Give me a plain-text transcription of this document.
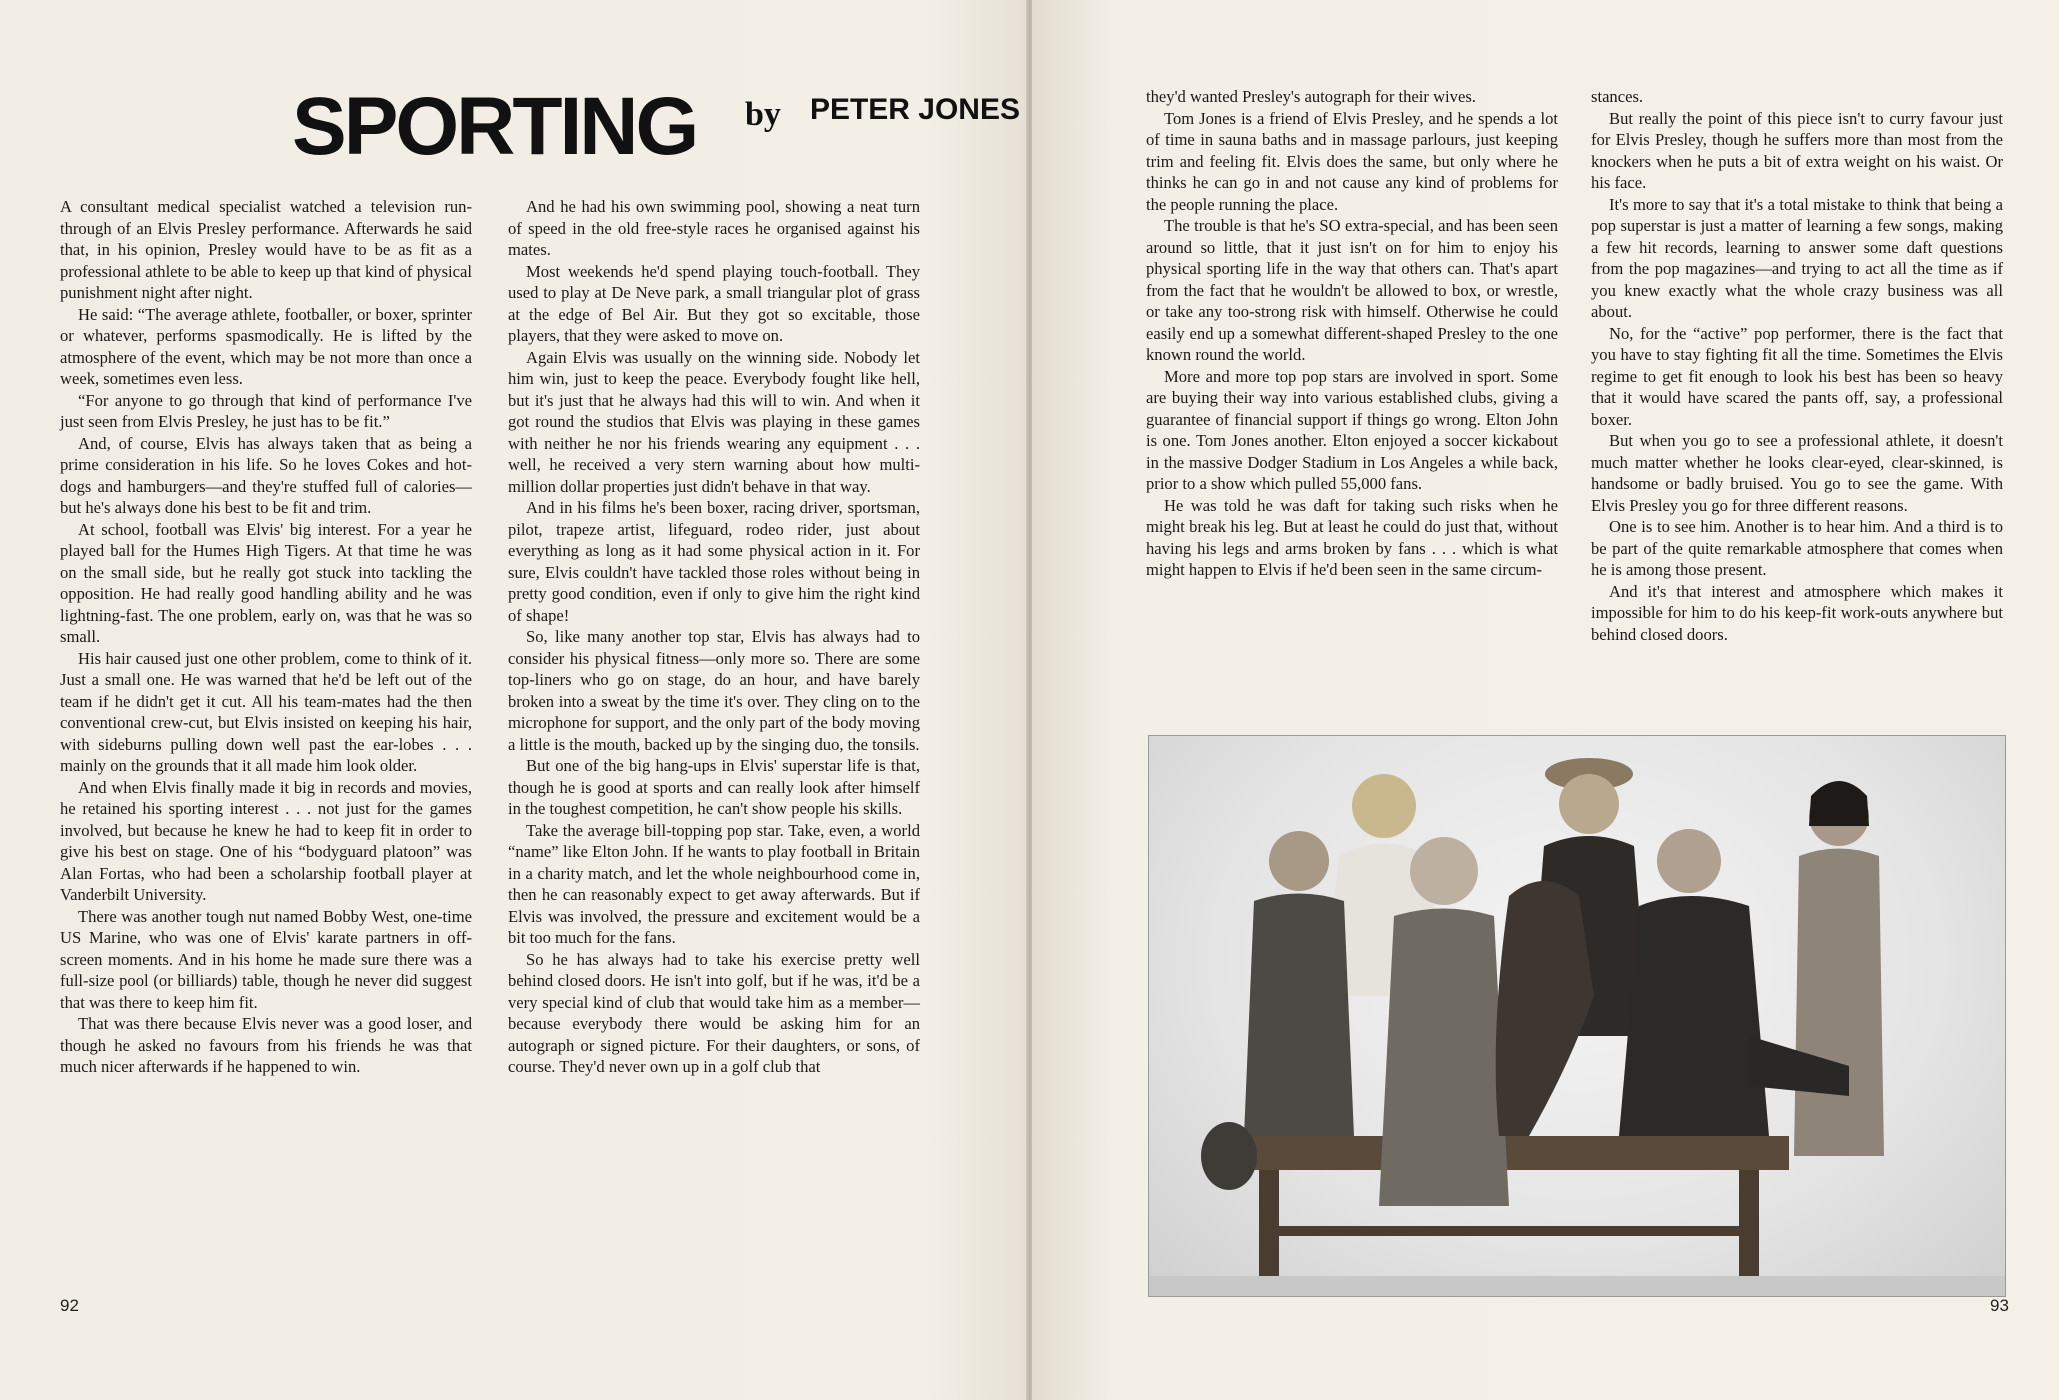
SPORTING by PETER JONES

A consultant medical specialist watched a television run-through of an Elvis Presley performance. Afterwards he said that, in his opinion, Presley would have to be as fit as a professional athlete to be able to keep up that kind of physical punishment night after night.

He said: “The average athlete, footballer, or boxer, sprinter or whatever, performs spasmodically. He is lifted by the atmosphere of the event, which may be not more than once a week, sometimes even less.

“For anyone to go through that kind of performance I've just seen from Elvis Presley, he just has to be fit.”

And, of course, Elvis has always taken that as being a prime consideration in his life. So he loves Cokes and hot-dogs and hamburgers—and they're stuffed full of calories—but he's always done his best to be fit and trim.

At school, football was Elvis' big interest. For a year he played ball for the Humes High Tigers. At that time he was on the small side, but he really got stuck into tackling the opposition. He had really good handling ability and he was lightning-fast. The one problem, early on, was that he was so small.

His hair caused just one other problem, come to think of it. Just a small one. He was warned that he'd be left out of the team if he didn't get it cut. All his team-mates had the then conventional crew-cut, but Elvis insisted on keeping his hair, with sideburns pulling down well past the ear-lobes . . . mainly on the grounds that it all made him look older.

And when Elvis finally made it big in records and movies, he retained his sporting interest . . . not just for the games involved, but because he knew he had to keep fit in order to give his best on stage. One of his “bodyguard platoon” was Alan Fortas, who had been a scholarship football player at Vanderbilt University.

There was another tough nut named Bobby West, one-time US Marine, who was one of Elvis' karate partners in off-screen moments. And in his home he made sure there was a full-size pool (or billiards) table, though he never did suggest that was there to keep him fit.

That was there because Elvis never was a good loser, and though he asked no favours from his friends he was that much nicer afterwards if he happened to win.

And he had his own swimming pool, showing a neat turn of speed in the old free-style races he organised against his mates.

Most weekends he'd spend playing touch-football. They used to play at De Neve park, a small triangular plot of grass at the edge of Bel Air. But they got so excitable, those players, that they were asked to move on.

Again Elvis was usually on the winning side. Nobody let him win, just to keep the peace. Everybody fought like hell, but it's just that he always had this will to win. And when it got round the studios that Elvis was playing in these games with neither he nor his friends wearing any equipment . . . well, he received a very stern warning about how multi-million dollar properties just didn't behave in that way.

And in his films he's been boxer, racing driver, sportsman, pilot, trapeze artist, lifeguard, rodeo rider, just about everything as long as it had some physical action in it. For sure, Elvis couldn't have tackled those roles without being in pretty good condition, even if only to give him the right kind of shape!

So, like many another top star, Elvis has always had to consider his physical fitness—only more so. There are some top-liners who go on stage, do an hour, and have barely broken into a sweat by the time it's over. They cling on to the microphone for support, and the only part of the body moving a little is the mouth, backed up by the singing duo, the tonsils.

But one of the big hang-ups in Elvis' superstar life is that, though he is good at sports and can really look after himself in the toughest competition, he can't show people his skills.

Take the average bill-topping pop star. Take, even, a world “name” like Elton John. If he wants to play football in Britain in a charity match, and let the whole neighbourhood come in, then he can reasonably expect to get away afterwards. But if Elvis was involved, the pressure and excitement would be a bit too much for the fans.

So he has always had to take his exercise pretty well behind closed doors. He isn't into golf, but if he was, it'd be a very special kind of club that would take him as a member—because everybody there would be asking him for an autograph or signed picture. For their daughters, or sons, of course. They'd never own up in a golf club that

92

they'd wanted Presley's autograph for their wives.

Tom Jones is a friend of Elvis Presley, and he spends a lot of time in sauna baths and in massage parlours, just keeping trim and feeling fit. Elvis does the same, but only where he thinks he can go in and not cause any kind of problems for the people running the place.

The trouble is that he's SO extra-special, and has been seen around so little, that it just isn't on for him to enjoy his physical sporting life in the way that others can. That's apart from the fact that he wouldn't be allowed to box, or wrestle, or take any too-strong risk with himself. Otherwise he could easily end up a somewhat different-shaped Presley to the one known round the world.

More and more top pop stars are involved in sport. Some are buying their way into various established clubs, giving a guarantee of financial support if things go wrong. Elton John is one. Tom Jones another. Elton enjoyed a soccer kickabout in the massive Dodger Stadium in Los Angeles a while back, prior to a show which pulled 55,000 fans.

He was told he was daft for taking such risks when he might break his leg. But at least he could do just that, without having his legs and arms broken by fans . . . which is what might happen to Elvis if he'd been seen in the same circum-

stances.

But really the point of this piece isn't to curry favour just for Elvis Presley, though he suffers more than most from the knockers when he puts a bit of extra weight on his waist. Or his face.

It's more to say that it's a total mistake to think that being a pop superstar is just a matter of learning a few songs, making a few hit records, learning to answer some daft questions from the pop magazines—and trying to act all the time as if you knew exactly what the whole crazy business was all about.

No, for the “active” pop performer, there is the fact that you have to stay fighting fit all the time. Sometimes the Elvis regime to get fit enough to look his best has been so heavy that it would have scared the pants off, say, a professional boxer.

But when you go to see a professional athlete, it doesn't much matter whether he looks clear-eyed, clear-skinned, is handsome or badly bruised. You go to see the game. With Elvis Presley you go for three different reasons.

One is to see him. Another is to hear him. And a third is to be part of the quite remarkable atmosphere that comes when he is among those present.

And it's that interest and atmosphere which makes it impossible for him to do his keep-fit work-outs anywhere but behind closed doors.

93
